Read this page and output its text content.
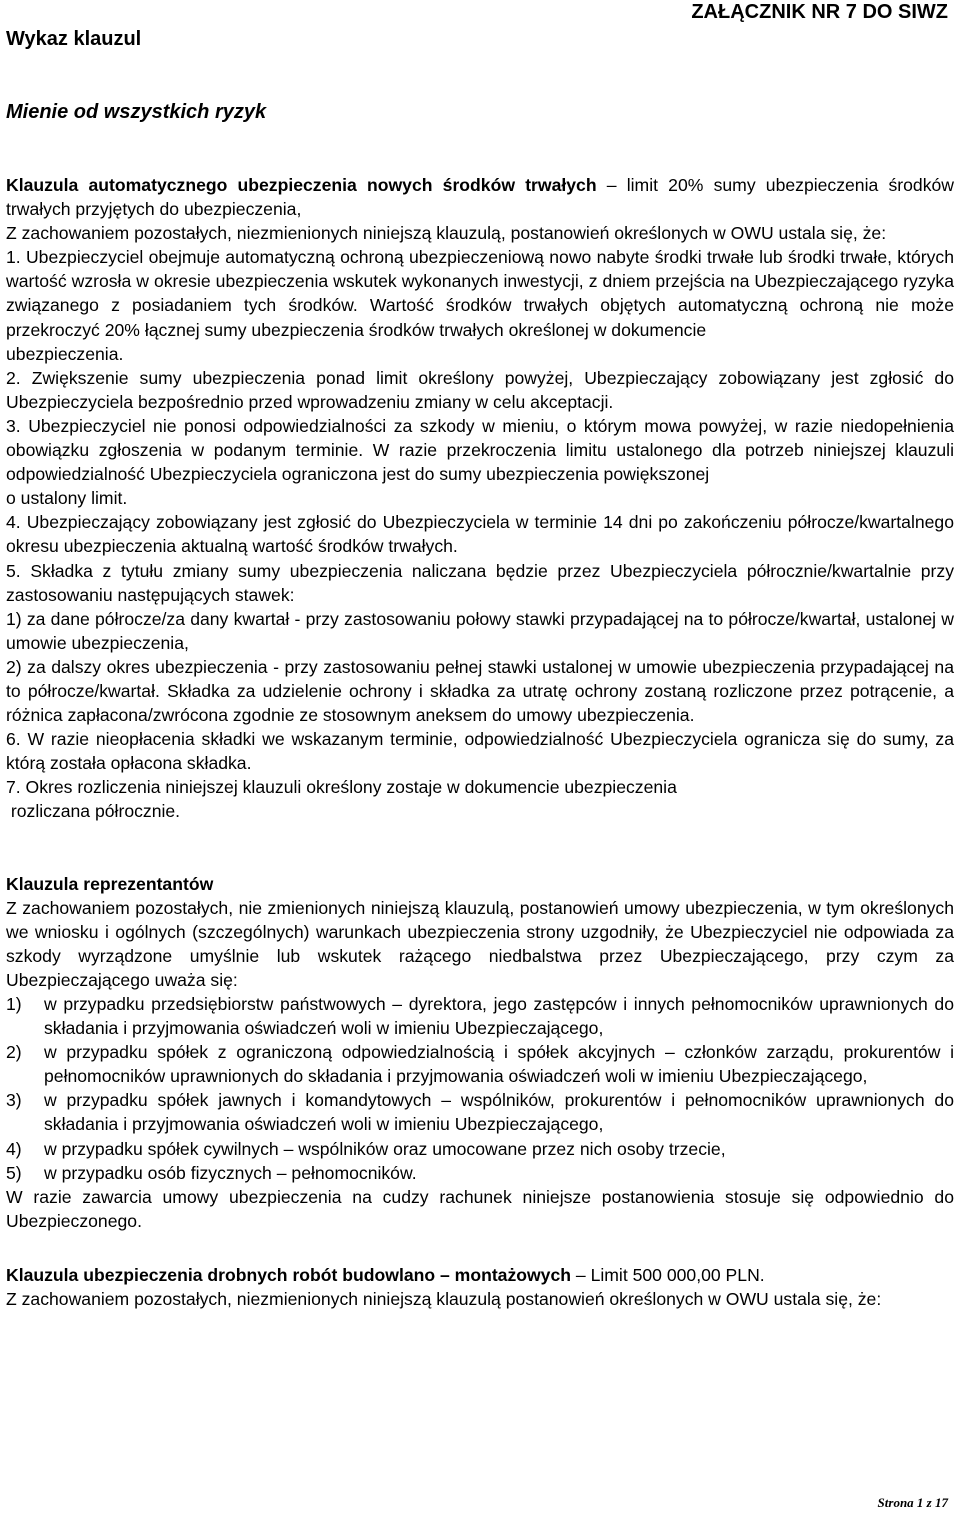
Wykaz klauzul
ZAŁĄCZNIK NR 7 DO SIWZ
Mienie od wszystkich ryzyk

Klauzula automatycznego ubezpieczenia nowych środków trwałych – limit 20% sumy ubezpieczenia środków trwałych przyjętych do ubezpieczenia,

Z zachowaniem pozostałych, niezmienionych niniejszą klauzulą, postanowień określonych w OWU ustala się, że:

1. Ubezpieczyciel obejmuje automatyczną ochroną ubezpieczeniową nowo nabyte środki trwałe lub środki trwałe, których wartość wzrosła w okresie ubezpieczenia wskutek wykonanych inwestycji, z dniem przejścia na Ubezpieczającego ryzyka związanego z posiadaniem tych środków. Wartość środków trwałych objętych automatyczną ochroną nie może przekroczyć 20% łącznej sumy ubezpieczenia środków trwałych określonej w dokumencie

ubezpieczenia.

2. Zwiększenie sumy ubezpieczenia ponad limit określony powyżej, Ubezpieczający zobowiązany jest zgłosić do Ubezpieczyciela bezpośrednio przed wprowadzeniu zmiany w celu akceptacji.

3. Ubezpieczyciel nie ponosi odpowiedzialności za szkody w mieniu, o którym mowa powyżej, w razie niedopełnienia obowiązku zgłoszenia w podanym terminie. W razie przekroczenia limitu ustalonego dla potrzeb niniejszej klauzuli odpowiedzialność Ubezpieczyciela ograniczona jest do sumy ubezpieczenia powiększonej

o ustalony limit.

4. Ubezpieczający zobowiązany jest zgłosić do Ubezpieczyciela w terminie 14 dni po zakończeniu półrocze/kwartalnego okresu ubezpieczenia aktualną wartość środków trwałych.

5. Składka z tytułu zmiany sumy ubezpieczenia naliczana będzie przez Ubezpieczyciela półrocznie/kwartalnie przy zastosowaniu następujących stawek:

1) za dane półrocze/za dany kwartał - przy zastosowaniu połowy stawki przypadającej na to półrocze/kwartał, ustalonej w umowie ubezpieczenia,

2) za dalszy okres ubezpieczenia - przy zastosowaniu pełnej stawki ustalonej w umowie ubezpieczenia przypadającej na to półrocze/kwartał. Składka za udzielenie ochrony i składka za utratę ochrony zostaną rozliczone przez potrącenie, a różnica zapłacona/zwrócona zgodnie ze stosownym aneksem do umowy ubezpieczenia.

6. W razie nieopłacenia składki we wskazanym terminie, odpowiedzialność Ubezpieczyciela ogranicza się do sumy, za którą została opłacona składka.

7. Okres rozliczenia niniejszej klauzuli określony zostaje w dokumencie ubezpieczenia

rozliczana półrocznie.

Klauzula reprezentantów

Z zachowaniem pozostałych, nie zmienionych niniejszą klauzulą, postanowień umowy ubezpieczenia, w tym określonych we wniosku i ogólnych (szczególnych) warunkach ubezpieczenia strony uzgodniły, że Ubezpieczyciel nie odpowiada za szkody wyrządzone umyślnie lub wskutek rażącego niedbalstwa przez Ubezpieczającego, przy czym za Ubezpieczającego uważa się:

1)	w przypadku przedsiębiorstw państwowych – dyrektora, jego zastępców i innych pełnomocników uprawnionych do składania i przyjmowania oświadczeń woli w imieniu Ubezpieczającego,
2)	w przypadku spółek z ograniczoną odpowiedzialnością i spółek akcyjnych – członków zarządu, prokurentów i pełnomocników uprawnionych do składania i przyjmowania oświadczeń woli w imieniu Ubezpieczającego,
3)	w przypadku spółek jawnych i komandytowych – wspólników, prokurentów i pełnomocników uprawnionych do składania i przyjmowania oświadczeń woli w imieniu Ubezpieczającego,
4)	w przypadku spółek cywilnych – wspólników oraz umocowane przez nich osoby trzecie,
5)	w przypadku osób fizycznych – pełnomocników.

W razie zawarcia umowy ubezpieczenia na cudzy rachunek niniejsze postanowienia stosuje się odpowiednio do Ubezpieczonego.

Klauzula ubezpieczenia drobnych robót budowlano – montażowych – Limit 500 000,00 PLN.

Z zachowaniem pozostałych, niezmienionych niniejszą klauzulą postanowień określonych w OWU ustala się, że:

Strona 1 z 17
